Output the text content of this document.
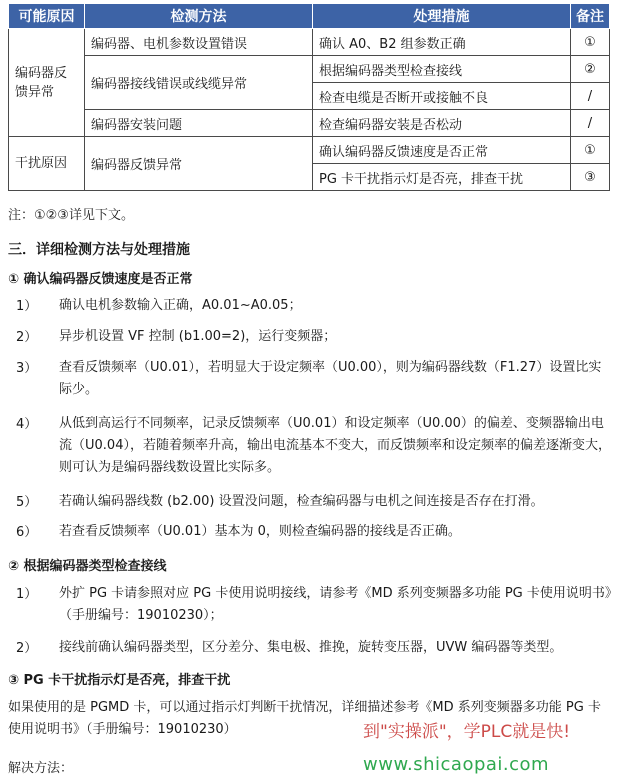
可能原因	检测方法	处理措施	备注
编码器反馈异常	编码器、电机参数设置错误	确认 A0、B2 组参数正确	①
	编码器接线错误或线缆异常	根据编码器类型检查接线	②
		检查电缆是否断开或接触不良	/
	编码器安装问题	检查编码器安装是否松动	/
干扰原因	编码器反馈异常	确认编码器反馈速度是否正常	①
		PG 卡干扰指示灯是否亮，排查干扰	③
注：①②③详见下文。
三．详细检测方法与处理措施
① 确认编码器反馈速度是否正常
1） 确认电机参数输入正确，A0.01~A0.05；
2） 异步机设置 VF 控制 (b1.00=2)，运行变频器；
3） 查看反馈频率（U0.01），若明显大于设定频率（U0.00），则为编码器线数（F1.27）设置比实际少。
4） 从低到高运行不同频率，记录反馈频率（U0.01）和设定频率（U0.00）的偏差、变频器输出电流（U0.04），若随着频率升高，输出电流基本不变大，而反馈频率和设定频率的偏差逐渐变大，则可认为是编码器线数设置比实际多。
5） 若确认编码器线数 (b2.00) 设置没问题，检查编码器与电机之间连接是否存在打滑。
6） 若查看反馈频率（U0.01）基本为 0，则检查编码器的接线是否正确。
② 根据编码器类型检查接线
1） 外扩 PG 卡请参照对应 PG 卡使用说明接线，请参考《MD 系列变频器多功能 PG 卡使用说明书》（手册编号：19010230）；
2） 接线前确认编码器类型，区分差分、集电极、推挽，旋转变压器，UVW 编码器等类型。
③ PG 卡干扰指示灯是否亮，排查干扰
如果使用的是 PGMD 卡，可以通过指示灯判断干扰情况，详细描述参考《MD 系列变频器多功能 PG 卡使用说明书》（手册编号：19010230）
解决方法：
到"实操派"，学PLC就是快!
www.shicaopai.com
